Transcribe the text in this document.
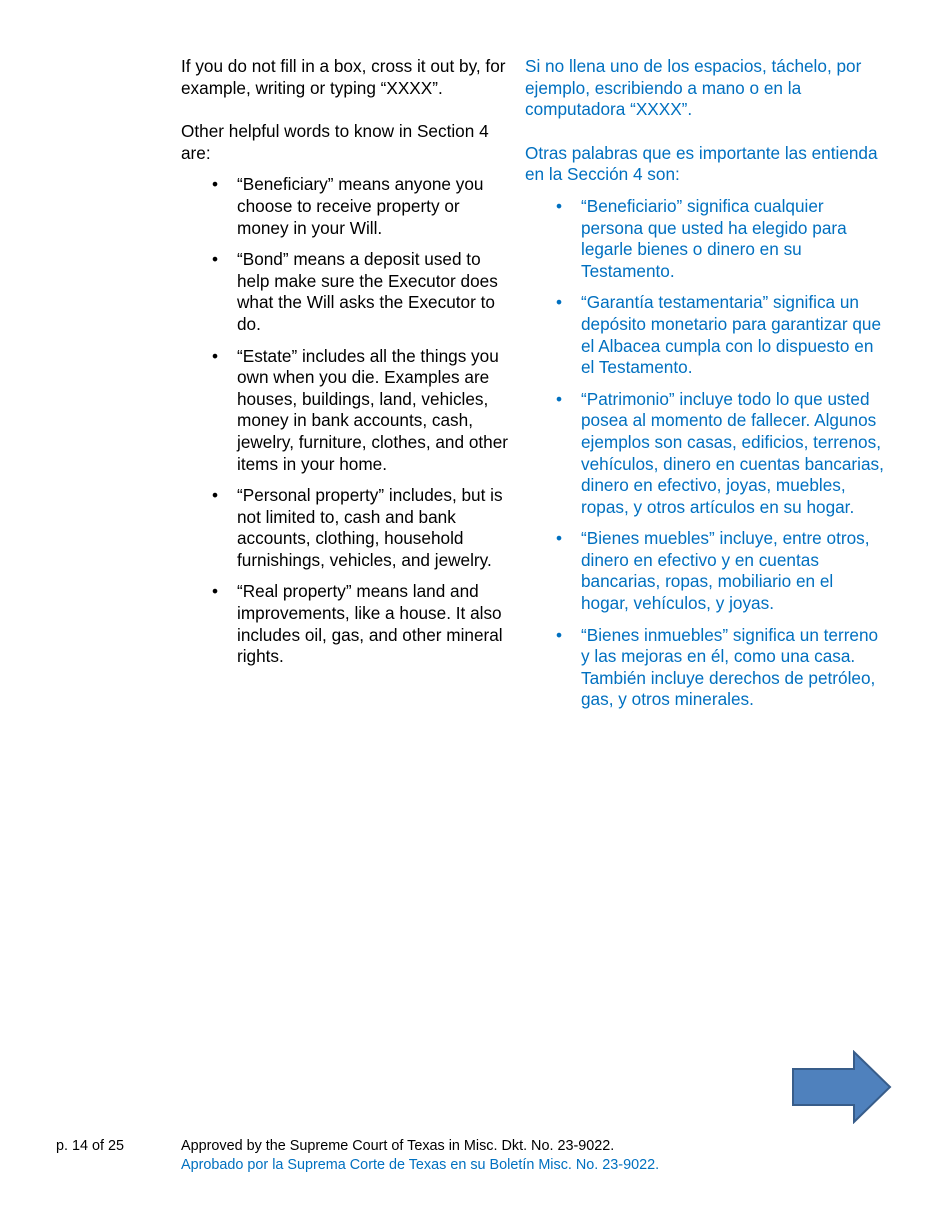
If you do not fill in a box, cross it out by, for example, writing or typing “XXXX”.

Other helpful words to know in Section 4 are:

• “Beneficiary” means anyone you choose to receive property or money in your Will.
• “Bond” means a deposit used to help make sure the Executor does what the Will asks the Executor to do.
• “Estate” includes all the things you own when you die. Examples are houses, buildings, land, vehicles, money in bank accounts, cash, jewelry, furniture, clothes, and other items in your home.
• “Personal property” includes, but is not limited to, cash and bank accounts, clothing, household furnishings, vehicles, and jewelry.
• “Real property” means land and improvements, like a house. It also includes oil, gas, and other mineral rights.

Si no llena uno de los espacios, táchelo, por ejemplo, escribiendo a mano o en la computadora “XXXX”.

Otras palabras que es importante las entienda en la Sección 4 son:

• “Beneficiario” significa cualquier persona que usted ha elegido para legarle bienes o dinero en su Testamento.
• “Garantía testamentaria” significa un depósito monetario para garantizar que el Albacea cumpla con lo dispuesto en el Testamento.
• “Patrimonio” incluye todo lo que usted posea al momento de fallecer. Algunos ejemplos son casas, edificios, terrenos, vehículos, dinero en cuentas bancarias, dinero en efectivo, joyas, muebles, ropas, y otros artículos en su hogar.
• “Bienes muebles” incluye, entre otros, dinero en efectivo y en cuentas bancarias, ropas, mobiliario en el hogar, vehículos, y joyas.
• “Bienes inmuebles” significa un terreno y las mejoras en él, como una casa. También incluye derechos de petróleo, gas, y otros minerales.
p. 14 of 25	Approved by the Supreme Court of Texas in Misc. Dkt. No. 23-9022.
Aprobado por la Suprema Corte de Texas en su Boletín Misc. No. 23-9022.
